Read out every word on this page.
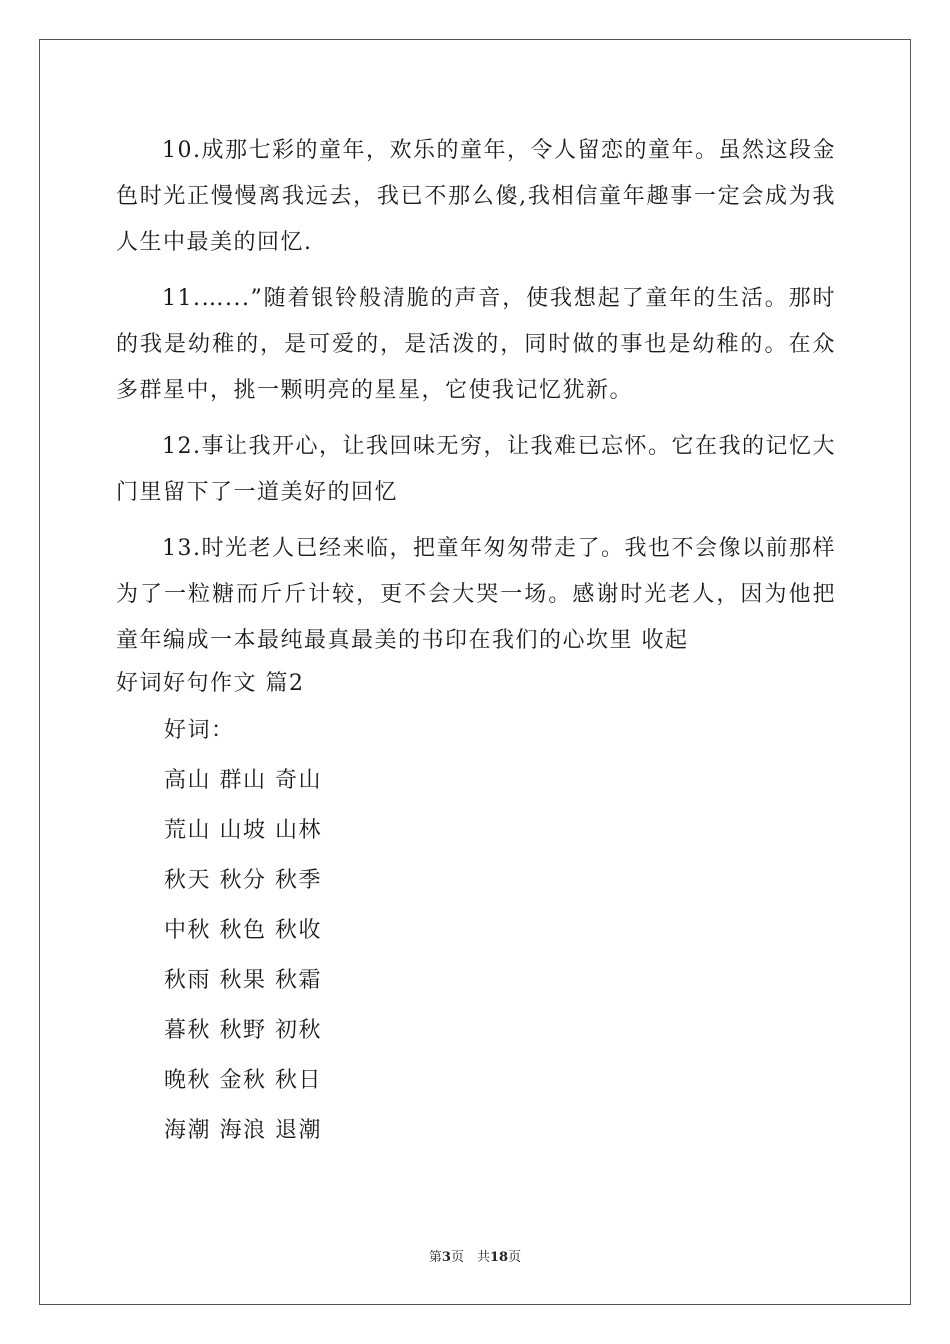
10.成那七彩的童年，欢乐的童年，令人留恋的童年。虽然这段金色时光正慢慢离我远去，我已不那么傻,我相信童年趣事一定会成为我人生中最美的回忆.

11.…...”随着银铃般清脆的声音，使我想起了童年的生活。那时的我是幼稚的，是可爱的，是活泼的，同时做的事也是幼稚的。在众多群星中，挑一颗明亮的星星，它使我记忆犹新。

12.事让我开心，让我回味无穷，让我难已忘怀。它在我的记忆大门里留下了一道美好的回忆

13.时光老人已经来临，把童年匆匆带走了。我也不会像以前那样为了一粒糖而斤斤计较，更不会大哭一场。感谢时光老人，因为他把童年编成一本最纯最真最美的书印在我们的心坎里 收起

好词好句作文 篇2

好词：

高山 群山 奇山

荒山 山坡 山林

秋天 秋分 秋季

中秋 秋色 秋收

秋雨 秋果 秋霜

暮秋 秋野 初秋

晚秋 金秋 秋日

海潮 海浪 退潮

第3页　共18页
